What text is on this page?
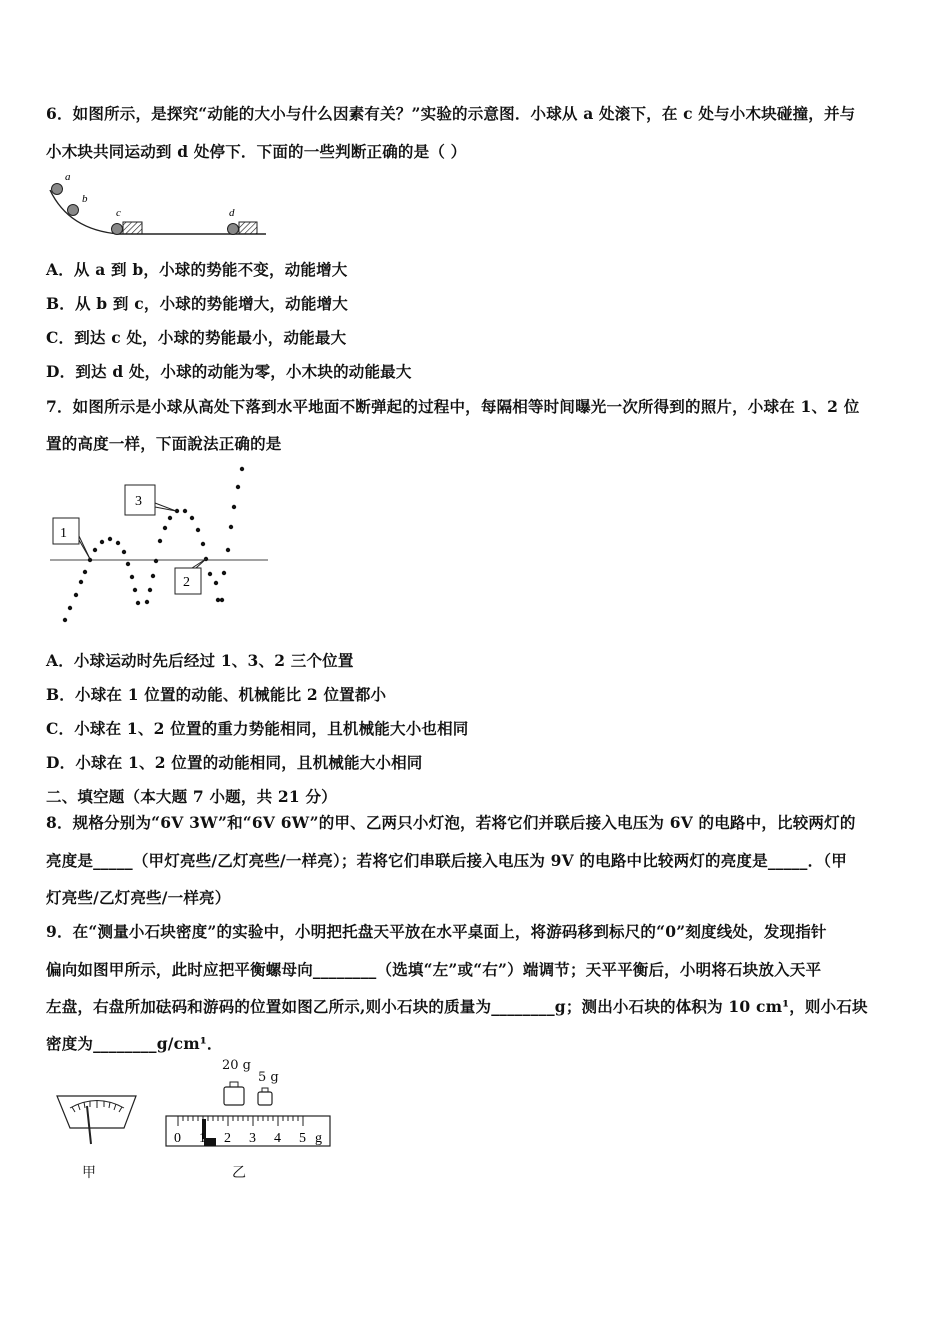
6．如图所示，是探究“动能的大小与什么因素有关？”实验的示意图．小球从 a 处滚下，在 c 处与小木块碰撞，并与
小木块共同运动到 d 处停下．下面的一些判断正确的是（ ）
a
b
c	d
A．从 a 到 b，小球的势能不变，动能增大
B．从 b 到 c，小球的势能增大，动能增大
C．到达 c 处，小球的势能最小，动能最大
D．到达 d 处，小球的动能为零，小木块的动能最大
7．如图所示是小球从高处下落到水平地面不断弹起的过程中，每隔相等时间曝光一次所得到的照片，小球在 1、2 位
置的高度一样，下面說法正确的是
1
3
2
A．小球运动时先后经过 1、3、2 三个位置
B．小球在 1 位置的动能、机械能比 2 位置都小
C．小球在 1、2 位置的重力势能相同，且机械能大小也相同
D．小球在 1、2 位置的动能相同，且机械能大小相同
二、填空题（本大题 7 小题，共 21 分）
8．规格分别为“6V 3W”和“6V 6W”的甲、乙两只小灯泡，若将它们并联后接入电压为 6V 的电路中，比较两灯的
亮度是_____（甲灯亮些/乙灯亮些/一样亮）；若将它们串联后接入电压为 9V 的电路中比较两灯的亮度是_____．（甲
灯亮些/乙灯亮些/一样亮）
9．在“测量小石块密度”的实验中，小明把托盘天平放在水平桌面上，将游码移到标尺的“0”刻度线处，发现指针
偏向如图甲所示，此时应把平衡螺母向________（选填“左”或“右”）端调节；天平平衡后，小明将石块放入天平
左盘，右盘所加砝码和游码的位置如图乙所示,则小石块的质量为________g；测出小石块的体积为 10 cm¹，则小石块
密度为________g/cm¹．
甲
20 g
5 g
0 1 2 3 4 5 g
乙
